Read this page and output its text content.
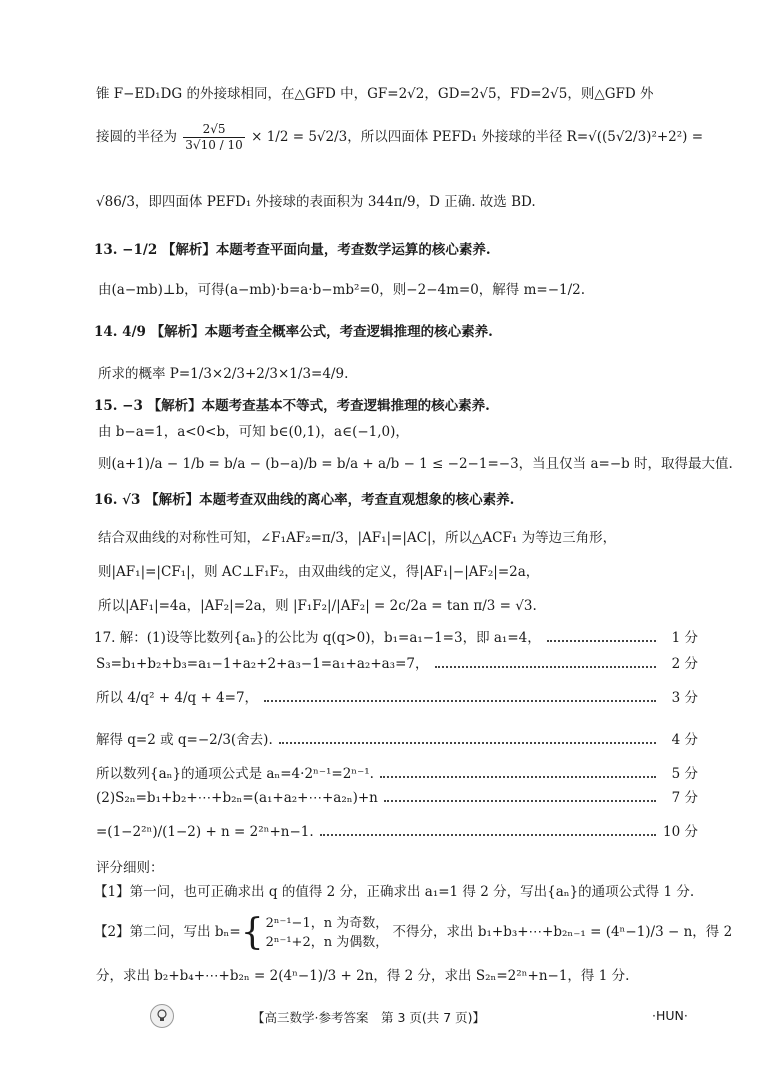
锥 F−ED₁DG 的外接球相同，在△GFD 中，GF=2√2，GD=2√5，FD=2√5，则△GFD 外
接圆的半径为 $\frac{2√5}{3√10 / 10} \times 1/2 = 5√2/3$，所以四面体 PEFD₁ 外接球的半径 R=√((5√2/3)²+2²) =
√86/3，即四面体 PEFD₁ 外接球的表面积为 344π/9，D 正确. 故选 BD.
13. −1/2 【解析】本题考查平面向量，考查数学运算的核心素养.
由(a−mb)⊥b，可得(a−mb)·b=a·b−mb²=0，则−2−4m=0，解得 m=−1/2.
14. 4/9 【解析】本题考查全概率公式，考查逻辑推理的核心素养.
所求的概率 P=1/3×2/3+2/3×1/3=4/9.
15. −3 【解析】本题考查基本不等式，考查逻辑推理的核心素养.
由 b−a=1，a<0<b，可知 b∈(0,1)，a∈(−1,0)，
则(a+1)/a − 1/b = b/a − (b−a)/b = b/a + a/b − 1 ≤ −2−1=−3，当且仅当 a=−b 时，取得最大值.
16. √3 【解析】本题考查双曲线的离心率，考查直观想象的核心素养.
结合双曲线的对称性可知，∠F₁AF₂=π/3，|AF₁|=|AC|，所以△ACF₁ 为等边三角形，
则|AF₁|=|CF₁|，则 AC⊥F₁F₂，由双曲线的定义，得|AF₁|−|AF₂|=2a，
所以|AF₁|=4a，|AF₂|=2a，则 |F₁F₂|/|AF₂| = 2c/2a = tan π/3 = √3.
17. 解：(1)设等比数列{aₙ}的公比为 q(q>0)，b₁=a₁−1=3，即 a₁=4，	1 分
S₃=b₁+b₂+b₃=a₁−1+a₂+2+a₃−1=a₁+a₂+a₃=7，	2 分
所以 4/q² + 4/q + 4=7，	3 分
解得 q=2 或 q=−2/3(舍去).	4 分
所以数列{aₙ}的通项公式是 aₙ=4·2ⁿ⁻¹=2ⁿ⁻¹.	5 分
(2)S₂ₙ=b₁+b₂+⋯+b₂ₙ=(a₁+a₂+⋯+a₂ₙ)+n	7 分
=(1−2²ⁿ)/(1−2) + n = 2²ⁿ+n−1.	10 分
评分细则：
【1】第一问，也可正确求出 q 的值得 2 分，正确求出 a₁=1 得 2 分，写出{aₙ}的通项公式得 1 分.
【2】第二问，写出 bₙ={ 2ⁿ⁻¹−1，n 为奇数，
2ⁿ⁻¹+2，n 为偶数，
不得分，求出 b₁+b₃+⋯+b₂ₙ₋₁ = (4ⁿ−1)/3 − n，得 2
分，求出 b₂+b₄+⋯+b₂ₙ = 2(4ⁿ−1)/3 + 2n，得 2 分，求出 S₂ₙ=2²ⁿ+n−1，得 1 分.
【高三数学·参考答案　第 3 页(共 7 页)】	·HUN·
